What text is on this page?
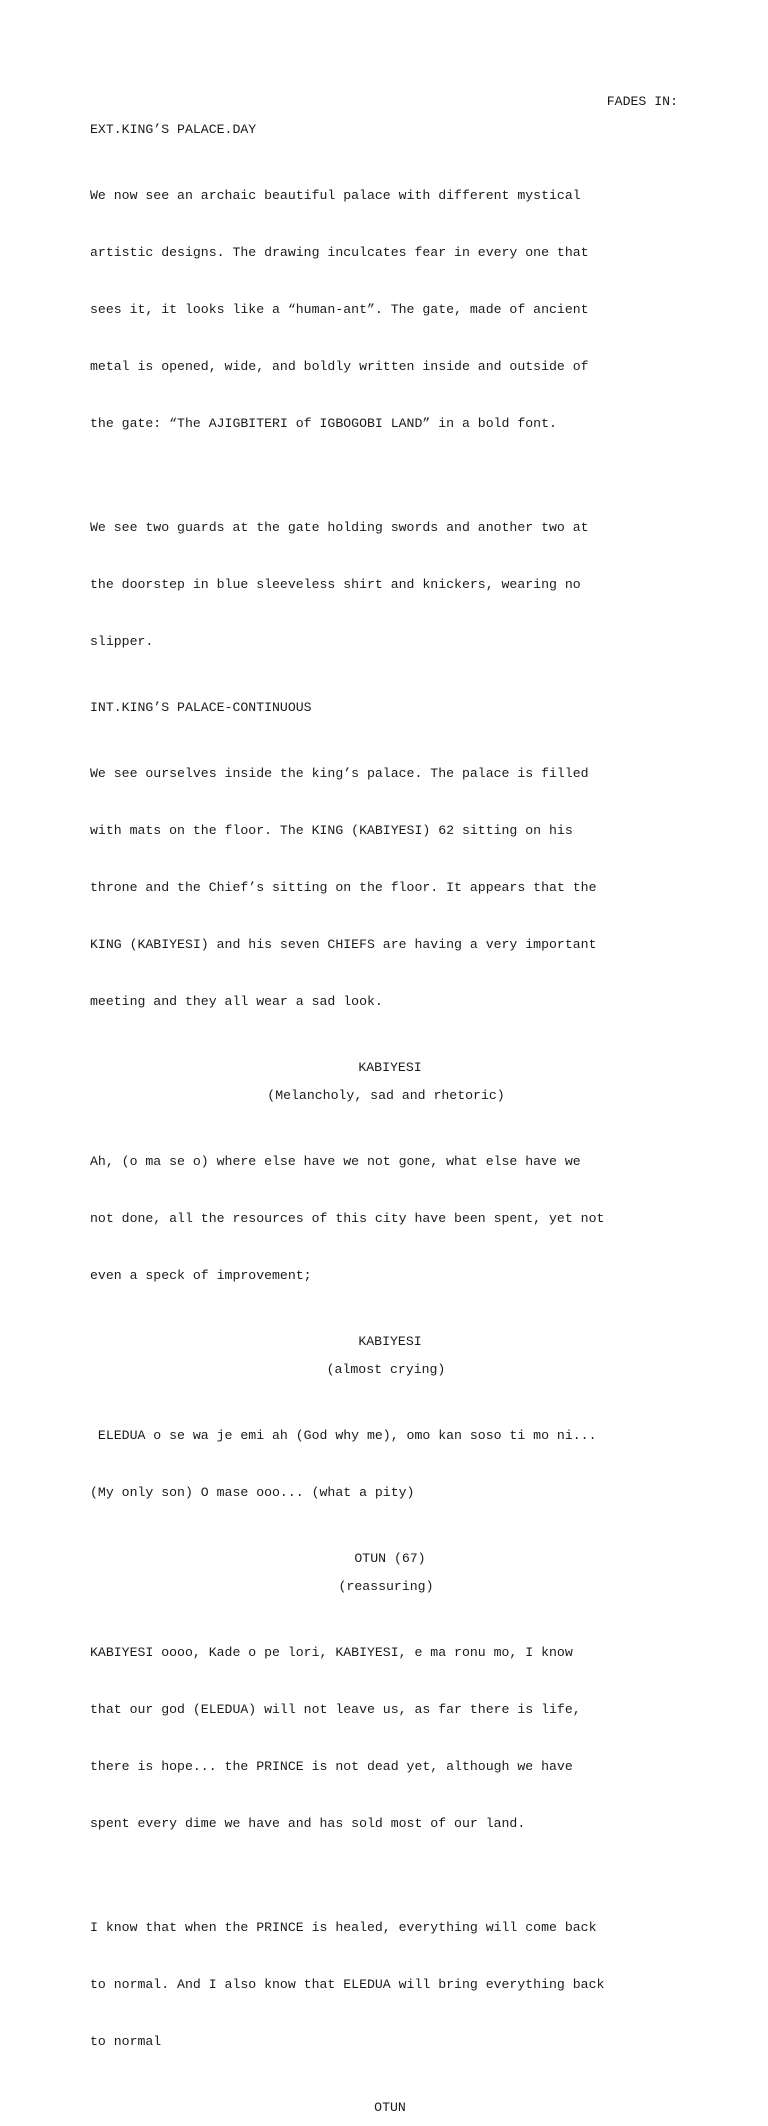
FADES IN:
EXT.KING’S PALACE.DAY

We now see an archaic beautiful palace with different mystical

artistic designs. The drawing inculcates fear in every one that

sees it, it looks like a “human-ant”. The gate, made of ancient

metal is opened, wide, and boldly written inside and outside of

the gate: “The AJIGBITERI of IGBOGOBI LAND” in a bold font.

We see two guards at the gate holding swords and another two at

the doorstep in blue sleeveless shirt and knickers, wearing no

slipper.

INT.KING’S PALACE-CONTINUOUS

We see ourselves inside the king’s palace. The palace is filled

with mats on the floor. The KING (KABIYESI) 62 sitting on his

throne and the Chief’s sitting on the floor. It appears that the

KING (KABIYESI) and his seven CHIEFS are having a very important

meeting and they all wear a sad look.

KABIYESI
(Melancholy, sad and rhetoric)

Ah, (o ma se o) where else have we not gone, what else have we

not done, all the resources of this city have been spent, yet not

even a speck of improvement;

KABIYESI
(almost crying)

ELEDUA o se wa je emi ah (God why me), omo kan soso ti mo ni...

(My only son) O mase ooo... (what a pity)

OTUN (67)
(reassuring)

KABIYESI oooo, Kade o pe lori, KABIYESI, e ma ronu mo, I know

that our god (ELEDUA) will not leave us, as far there is life,

there is hope... the PRINCE is not dead yet, although we have

spent every dime we have and has sold most of our land.

I know that when the PRINCE is healed, everything will come back

to normal. And I also know that ELEDUA will bring everything back

to normal

OTUN
